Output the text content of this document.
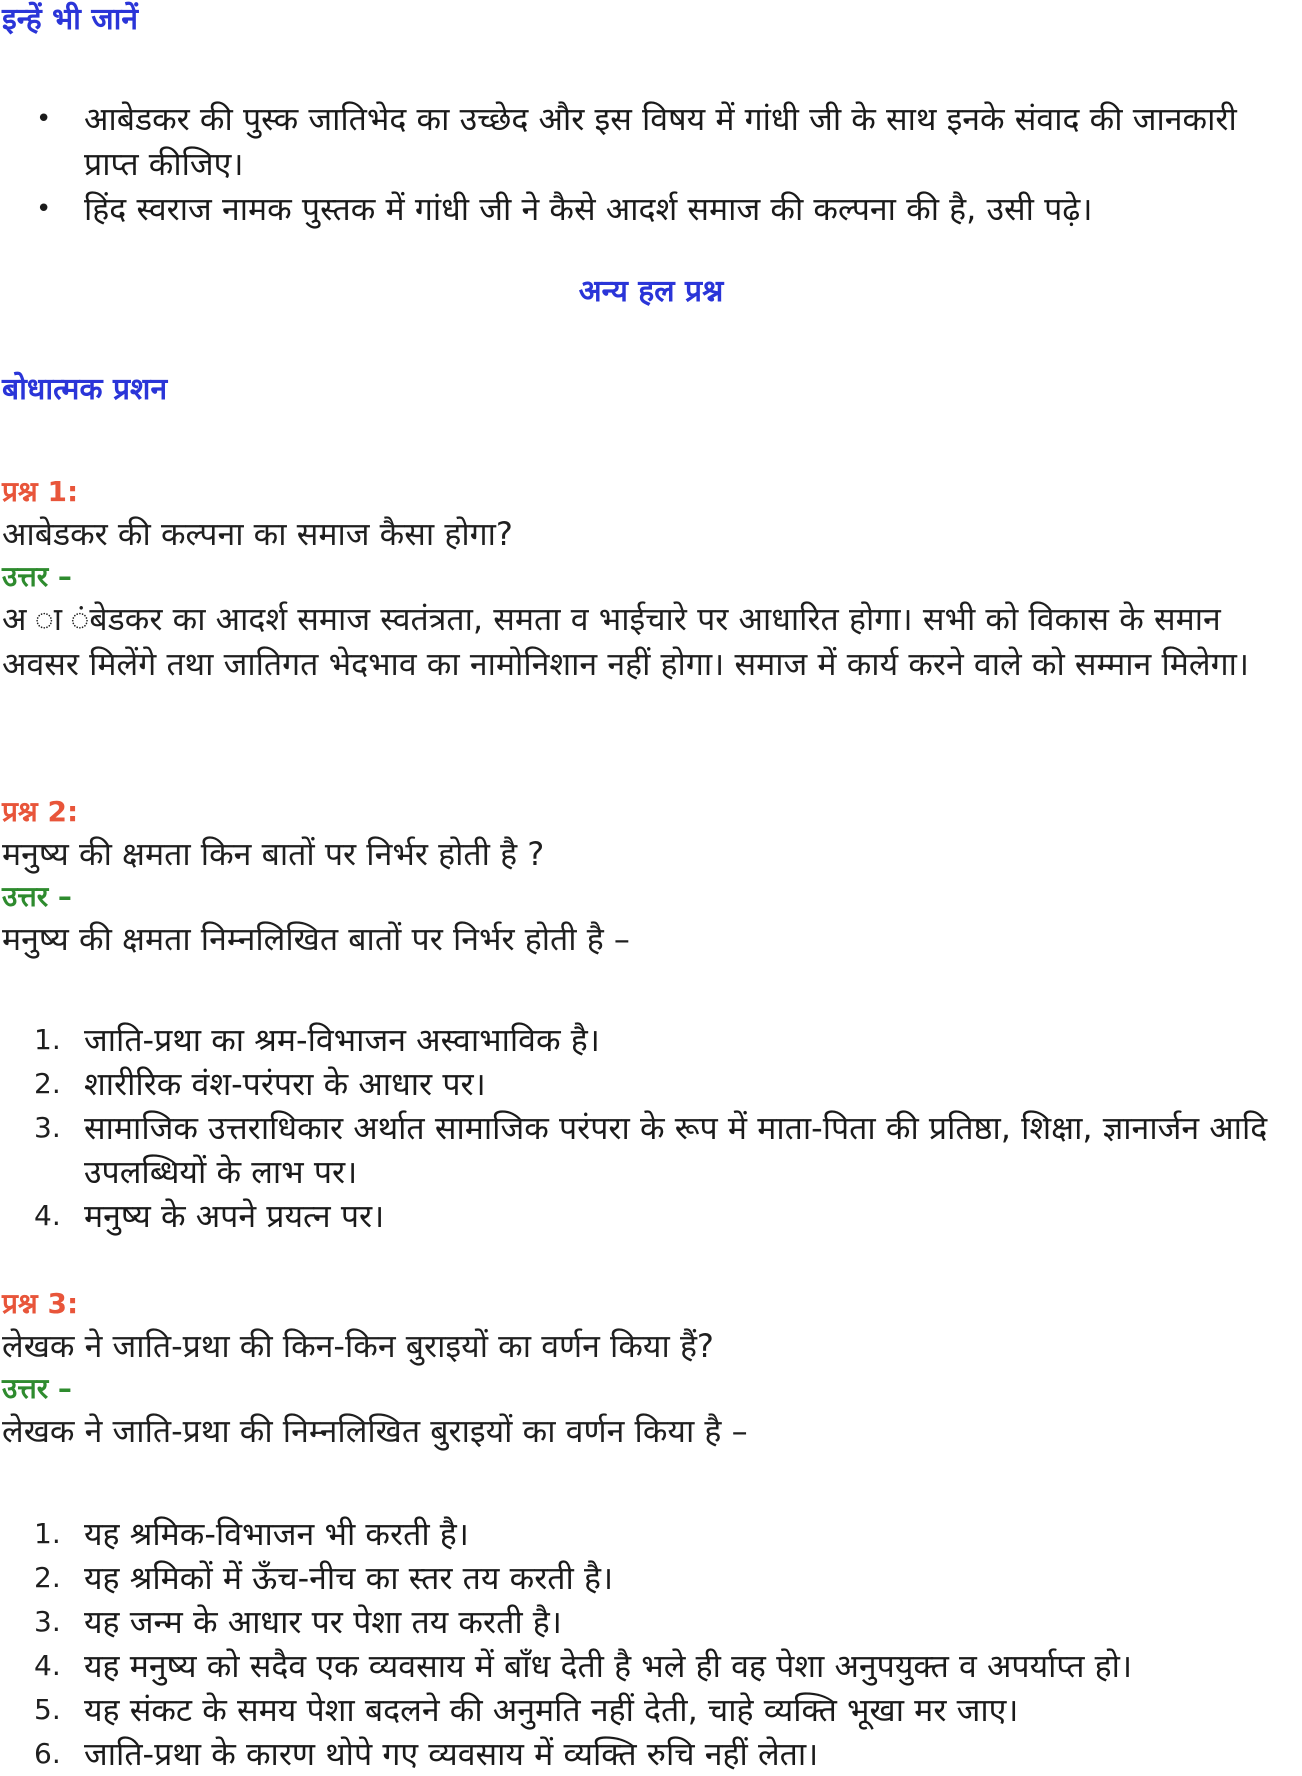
इन्हें भी जानें
• आबेडकर की पुस्क जातिभेद का उच्छेद और इस विषय में गांधी जी के साथ इनके संवाद की जानकारी प्राप्त कीजिए।
• हिंद स्वराज नामक पुस्तक में गांधी जी ने कैसे आदर्श समाज की कल्पना की है, उसी पढ़े।
अन्य हल प्रश्न
बोधात्मक प्रशन

प्रश्न 1:

आबेडकर की कल्पना का समाज कैसा होगा?

उत्तर –

अ ा ंबेडकर का आदर्श समाज स्वतंत्रता, समता व भाईचारे पर आधारित होगा। सभी को विकास के समान अवसर मिलेंगे तथा जातिगत भेदभाव का नामोनिशान नहीं होगा। समाज में कार्य करने वाले को सम्मान मिलेगा।

प्रश्न 2:

मनुष्य की क्षमता किन बातों पर निर्भर होती है ?

उत्तर –

मनुष्य की क्षमता निम्नलिखित बातों पर निर्भर होती है –

1. जाति-प्रथा का श्रम-विभाजन अस्वाभाविक है।
2. शारीरिक वंश-परंपरा के आधार पर।
3. सामाजिक उत्तराधिकार अर्थात सामाजिक परंपरा के रूप में माता-पिता की प्रतिष्ठा, शिक्षा, ज्ञानार्जन आदि उपलब्धियों के लाभ पर।
4. मनुष्य के अपने प्रयत्न पर।

प्रश्न 3:

लेखक ने जाति-प्रथा की किन-किन बुराइयों का वर्णन किया हैं?

उत्तर –

लेखक ने जाति-प्रथा की निम्नलिखित बुराइयों का वर्णन किया है –

1. यह श्रमिक-विभाजन भी करती है।
2. यह श्रमिकों में ऊँच-नीच का स्तर तय करती है।
3. यह जन्म के आधार पर पेशा तय करती है।
4. यह मनुष्य को सदैव एक व्यवसाय में बाँध देती है भले ही वह पेशा अनुपयुक्त व अपर्याप्त हो।
5. यह संकट के समय पेशा बदलने की अनुमति नहीं देती, चाहे व्यक्ति भूखा मर जाए।
6. जाति-प्रथा के कारण थोपे गए व्यवसाय में व्यक्ति रुचि नहीं लेता।
